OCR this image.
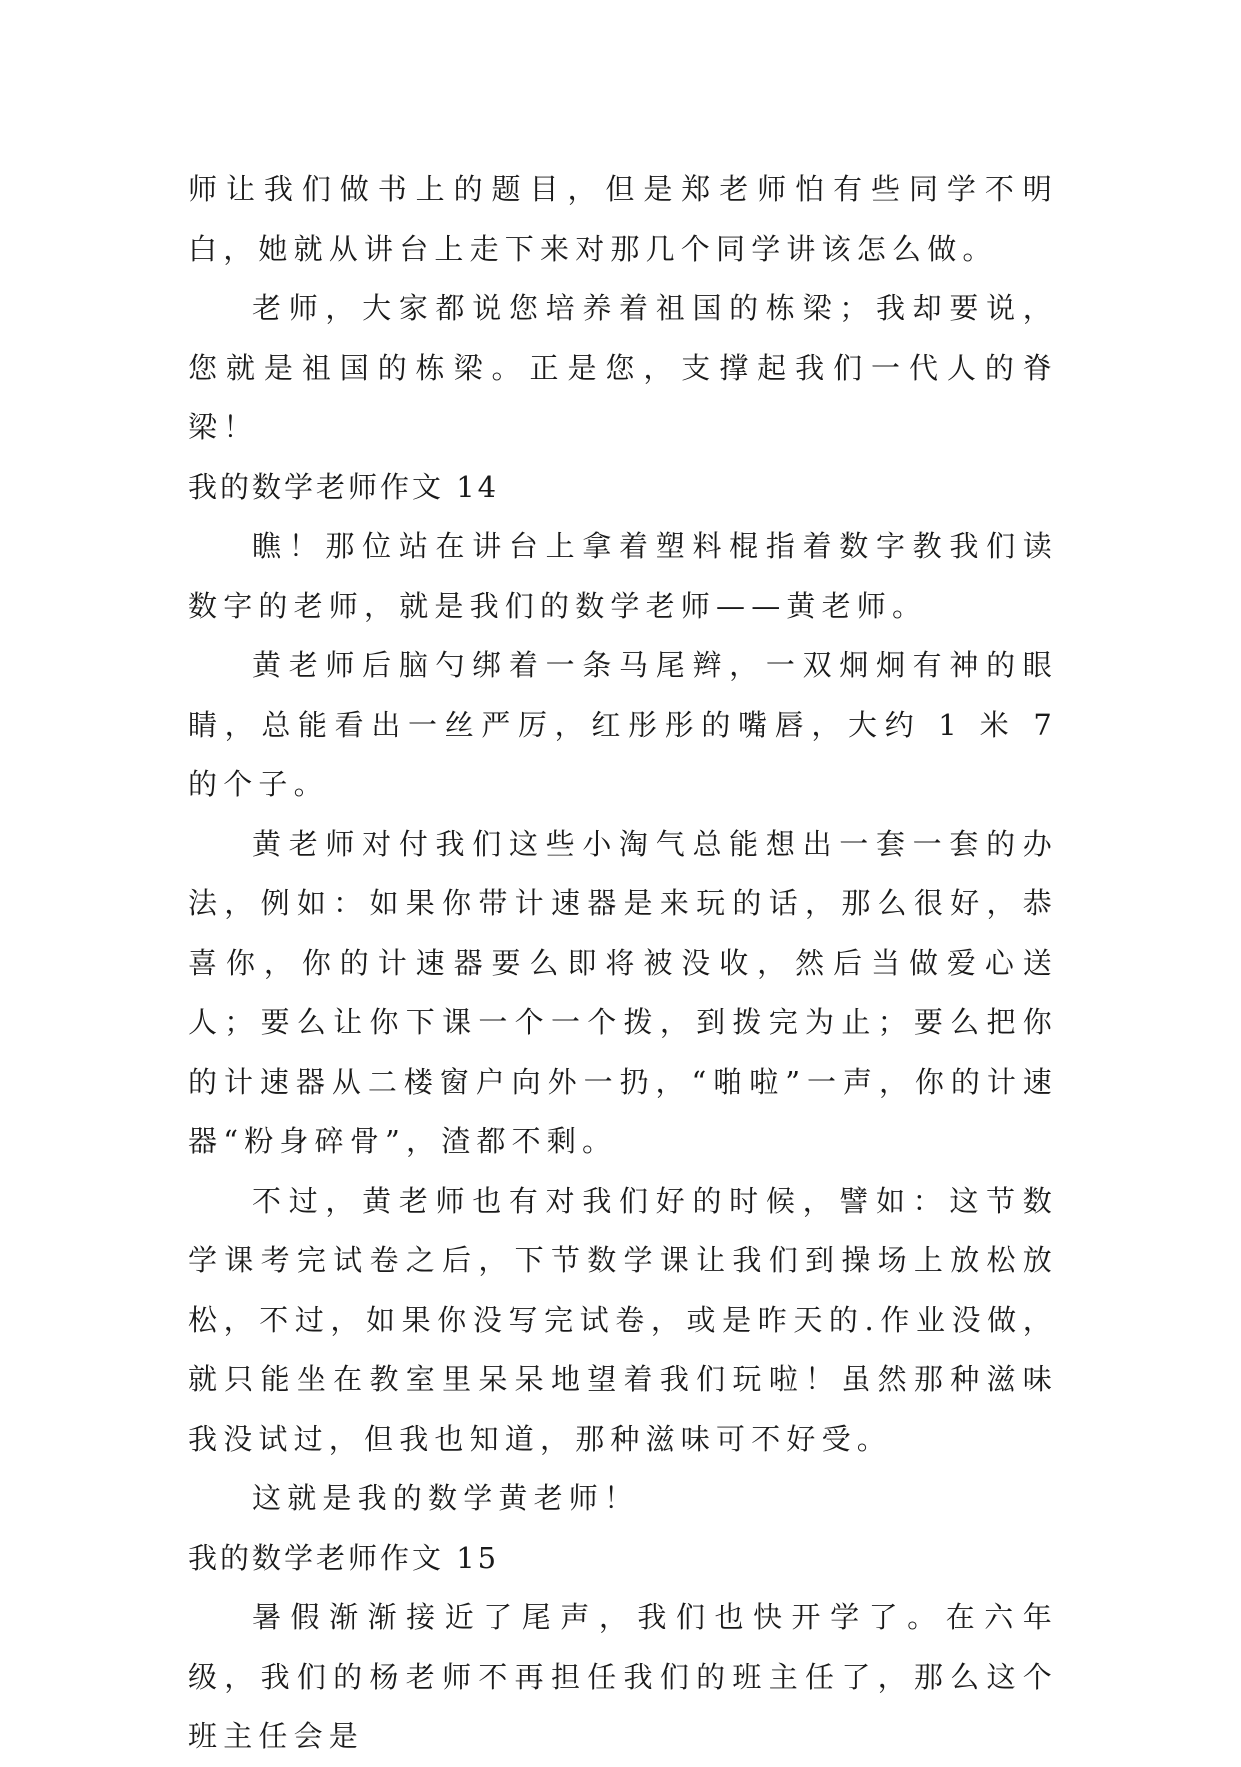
师让我们做书上的题目，但是郑老师怕有些同学不明白，她就从讲台上走下来对那几个同学讲该怎么做。

老师，大家都说您培养着祖国的栋梁；我却要说，您就是祖国的栋梁。正是您，支撑起我们一代人的脊梁！

我的数学老师作文 14

瞧！那位站在讲台上拿着塑料棍指着数字教我们读数字的老师，就是我们的数学老师——黄老师。

黄老师后脑勺绑着一条马尾辫，一双炯炯有神的眼睛，总能看出一丝严厉，红彤彤的嘴唇，大约 1 米 7 的个子。

黄老师对付我们这些小淘气总能想出一套一套的办法，例如：如果你带计速器是来玩的话，那么很好，恭喜你，你的计速器要么即将被没收，然后当做爱心送人；要么让你下课一个一个拨，到拨完为止；要么把你的计速器从二楼窗户向外一扔，“啪啦”一声，你的计速器“粉身碎骨”，渣都不剩。

不过，黄老师也有对我们好的时候，譬如：这节数学课考完试卷之后，下节数学课让我们到操场上放松放松，不过，如果你没写完试卷，或是昨天的.作业没做，就只能坐在教室里呆呆地望着我们玩啦！虽然那种滋味我没试过，但我也知道，那种滋味可不好受。

这就是我的数学黄老师！

我的数学老师作文 15

暑假渐渐接近了尾声，我们也快开学了。在六年级，我们的杨老师不再担任我们的班主任了，那么这个班主任会是
